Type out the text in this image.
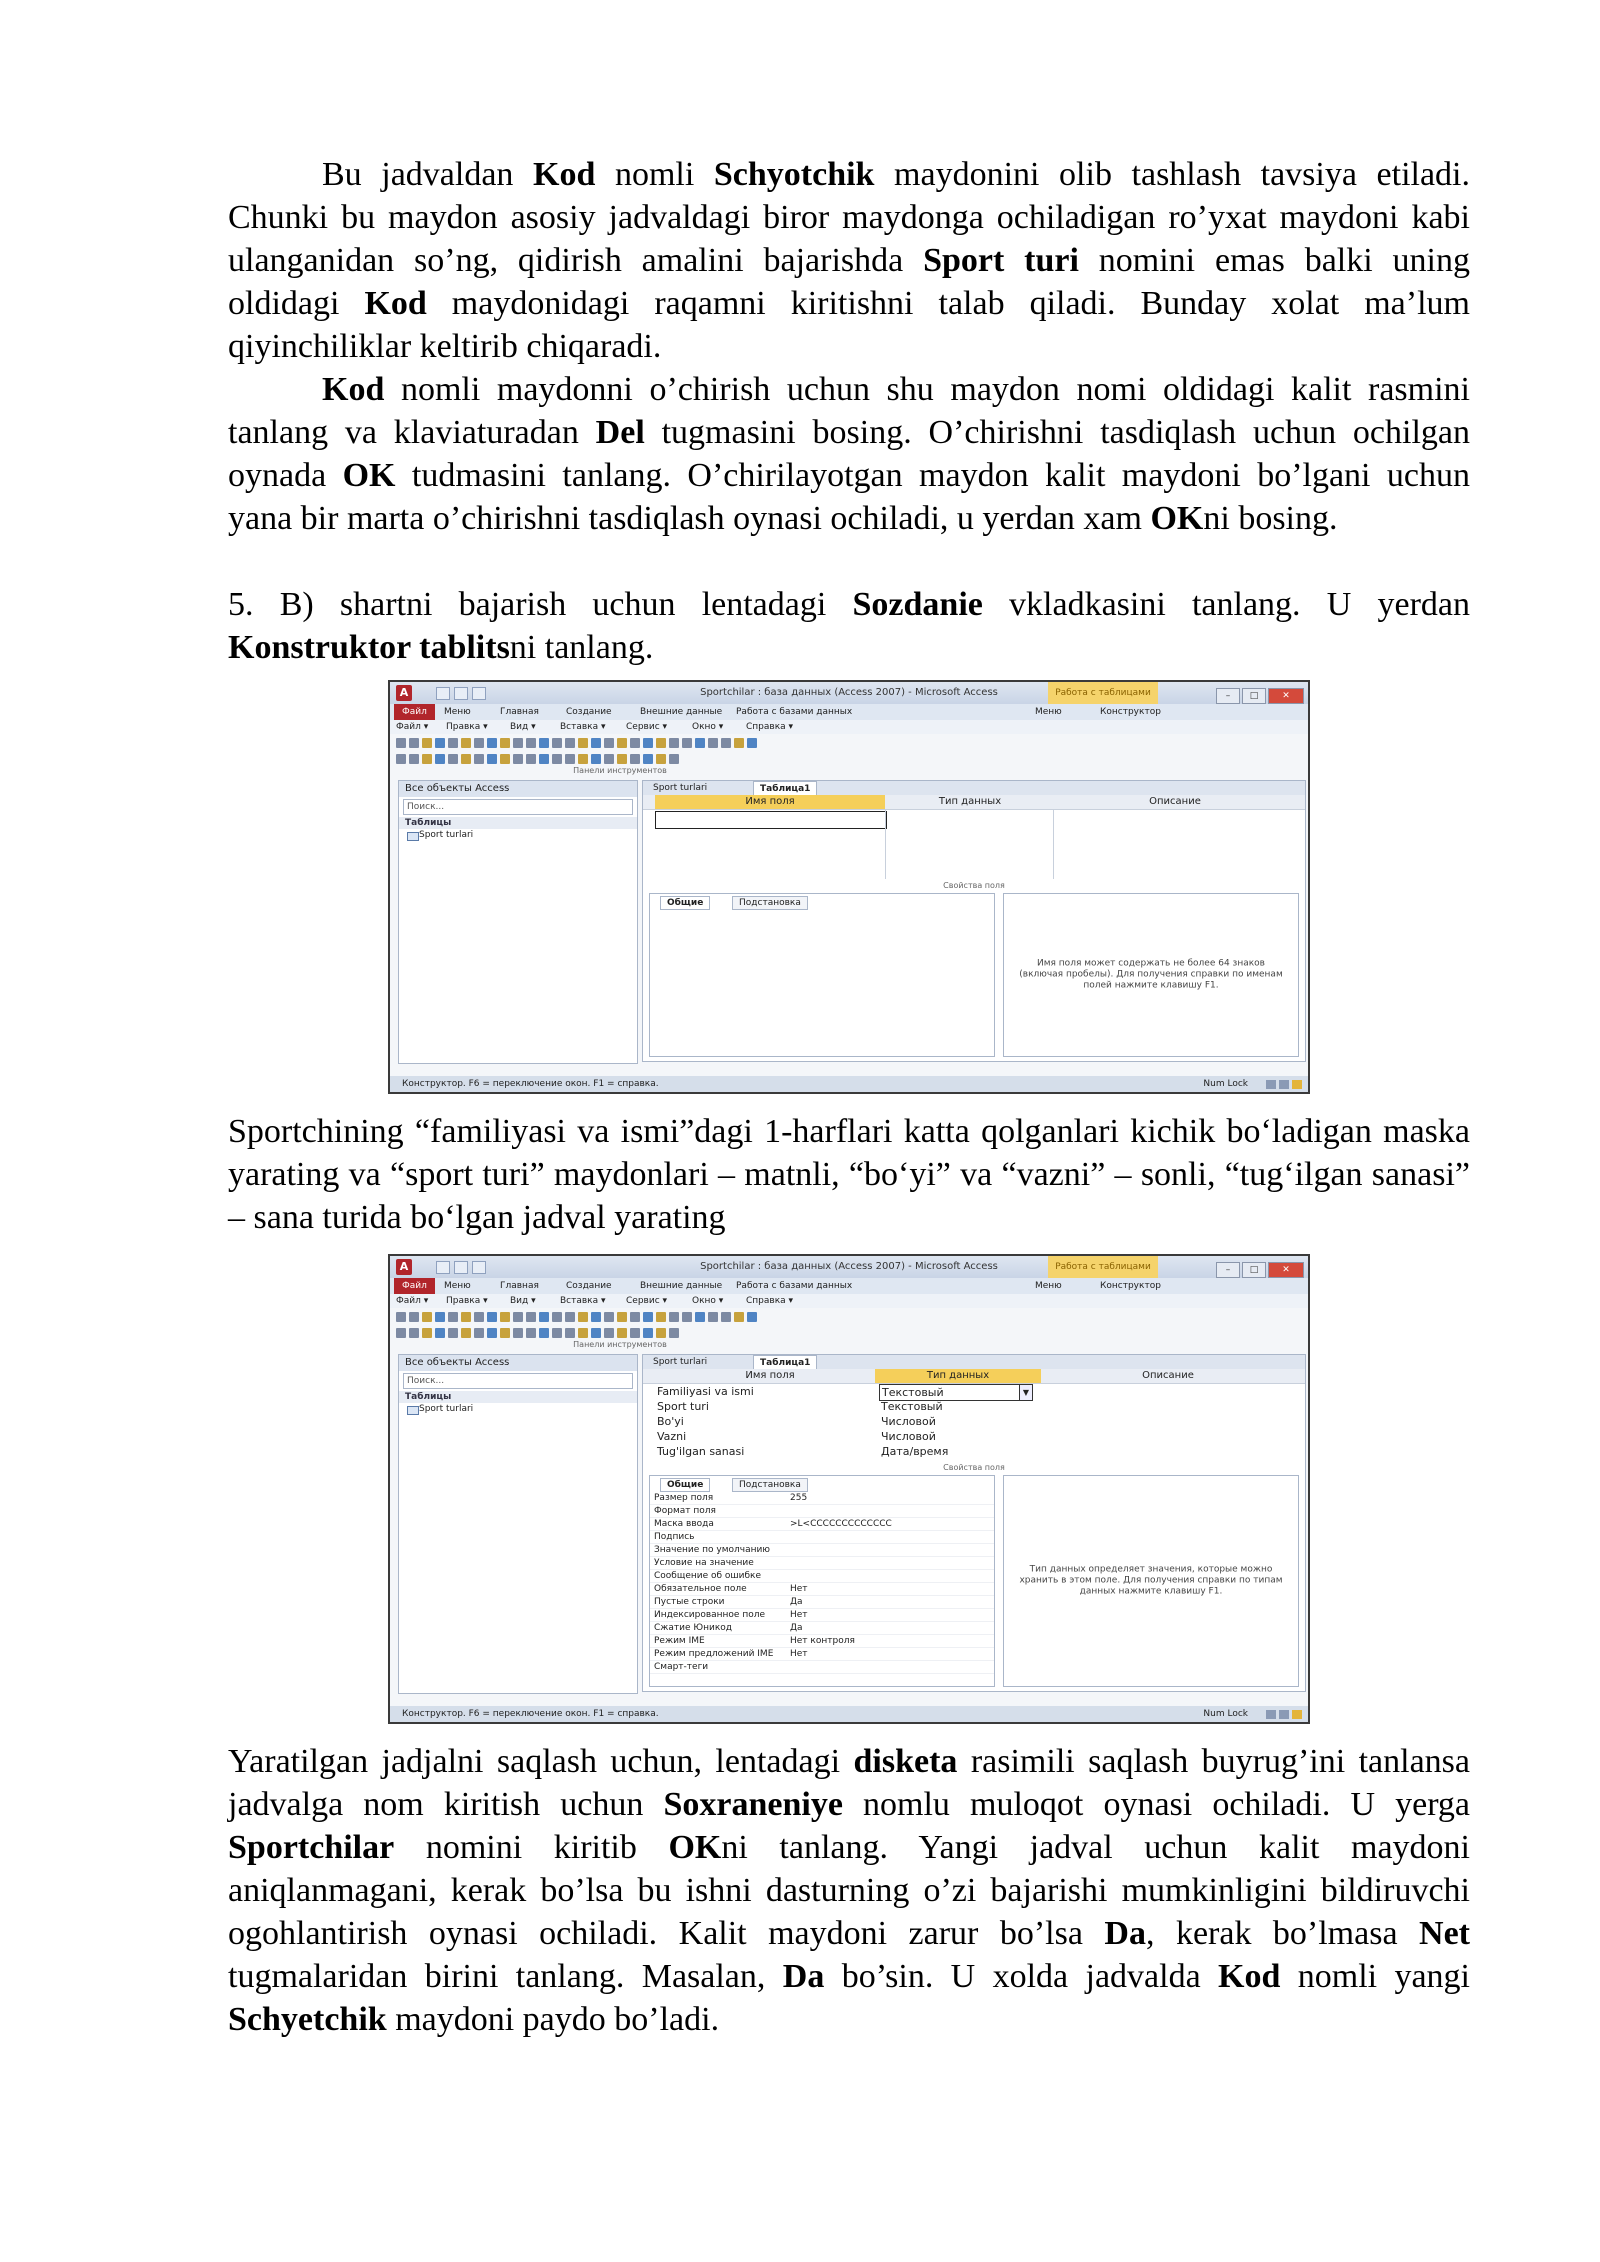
Bu jadvaldan Kod nomli Schyotchik maydonini olib tashlash tavsiya etiladi. Chunki bu maydon asosiy jadvaldagi biror maydonga ochiladigan ro’yxat maydoni kabi ulanganidan so’ng, qidirish amalini bajarishda Sport turi nomini emas balki uning oldidagi Kod maydonidagi raqamni kiritishni talab qiladi. Bunday xolat ma’lum qiyinchiliklar keltirib chiqaradi.

Kod nomli maydonni o’chirish uchun shu maydon nomi oldidagi kalit rasmini tanlang va klaviaturadan Del tugmasini bosing. O’chirishni tasdiqlash uchun ochilgan oynada OK tudmasini tanlang. O’chirilayotgan maydon kalit maydoni bo’lgani uchun yana bir marta o’chirishni tasdiqlash oynasi ochiladi, u yerdan xam OKni bosing.

5. B) shartni bajarish uchun lentadagi Sozdanie vkladkasini tanlang. U yerdan Konstruktor tablitsni tanlang.

A	Sportchilar : база данных (Access 2007) - Microsoft Access	Работа с таблицами	– □	✕
Файл	Меню	Главная	Создание	Внешние данные Работа с базами данных	Меню	Конструктор
Файл ▾ Правка ▾ Вид ▾	Вставка ▾ Сервис ▾	Окно ▾	Справка ▾
Панели инструментов
Все объекты Access
Поиск...
Таблицы
Sport turlari
Sport turlari	Таблица1
Имя поля	Тип данных	Описание
Свойства поля
Общие	Подстановка
Имя поля может содержать не более 64 знаков (включая пробелы). Для получения справки по именам полей нажмите клавишу F1.
Конструктор. F6 = переключение окон. F1 = справка.	Num Lock

Sportchining “familiyasi va ismi”dagi 1-harflari katta qolganlari kichik bo‘ladigan maska yarating va “sport turi” maydonlari – matnli, “bo‘yi” va “vazni” – sonli, “tug‘ilgan sanasi” – sana turida bo‘lgan jadval yarating

A	Sportchilar : база данных (Access 2007) - Microsoft Access	Работа с таблицами	– □	✕
Файл	Меню	Главная	Создание	Внешние данные Работа с базами данных	Меню	Конструктор
Файл ▾ Правка ▾ Вид ▾	Вставка ▾ Сервис ▾	Окно ▾	Справка ▾
Панели инструментов
Все объекты Access
Поиск...
Таблицы
Sport turlari
Sport turlari	Таблица1
Имя поля	Тип данных	Описание
Familiyasi va ismi	Текстовый	▼
Sport turi	Текстовый
Bo'yi	Числовой
Vazni	Числовой
Tug'ilgan sanasi	Дата/время
Свойства поля
Общие	Подстановка
Размер поля	255
Формат поля
Маска ввода	>L<CCCCCCCCCCCCC
Подпись
Значение по умолчанию
Условие на значение
Сообщение об ошибке
Обязательное поле	Нет
Пустые строки	Да
Индексированное поле	Нет
Сжатие Юникод	Да
Режим IME	Нет контроля
Режим предложений IME Нет
Смарт-теги
Тип данных определяет значения, которые можно хранить в этом поле. Для получения справки по типам данных нажмите клавишу F1.
Конструктор. F6 = переключение окон. F1 = справка.	Num Lock

Yaratilgan jadjalni saqlash uchun, lentadagi disketa rasimili saqlash buyrug’ini tanlansa jadvalga nom kiritish uchun Soxraneniye nomlu muloqot oynasi ochiladi. U yerga Sportchilar nomini kiritib OKni tanlang. Yangi jadval uchun kalit maydoni aniqlanmagani, kerak bo’lsa bu ishni dasturning o’zi bajarishi mumkinligini bildiruvchi ogohlantirish oynasi ochiladi. Kalit maydoni zarur bo’lsa Da, kerak bo’lmasa Net tugmalaridan birini tanlang. Masalan, Da bo’sin. U xolda jadvalda Kod nomli yangi Schyetchik maydoni paydo bo’ladi.
